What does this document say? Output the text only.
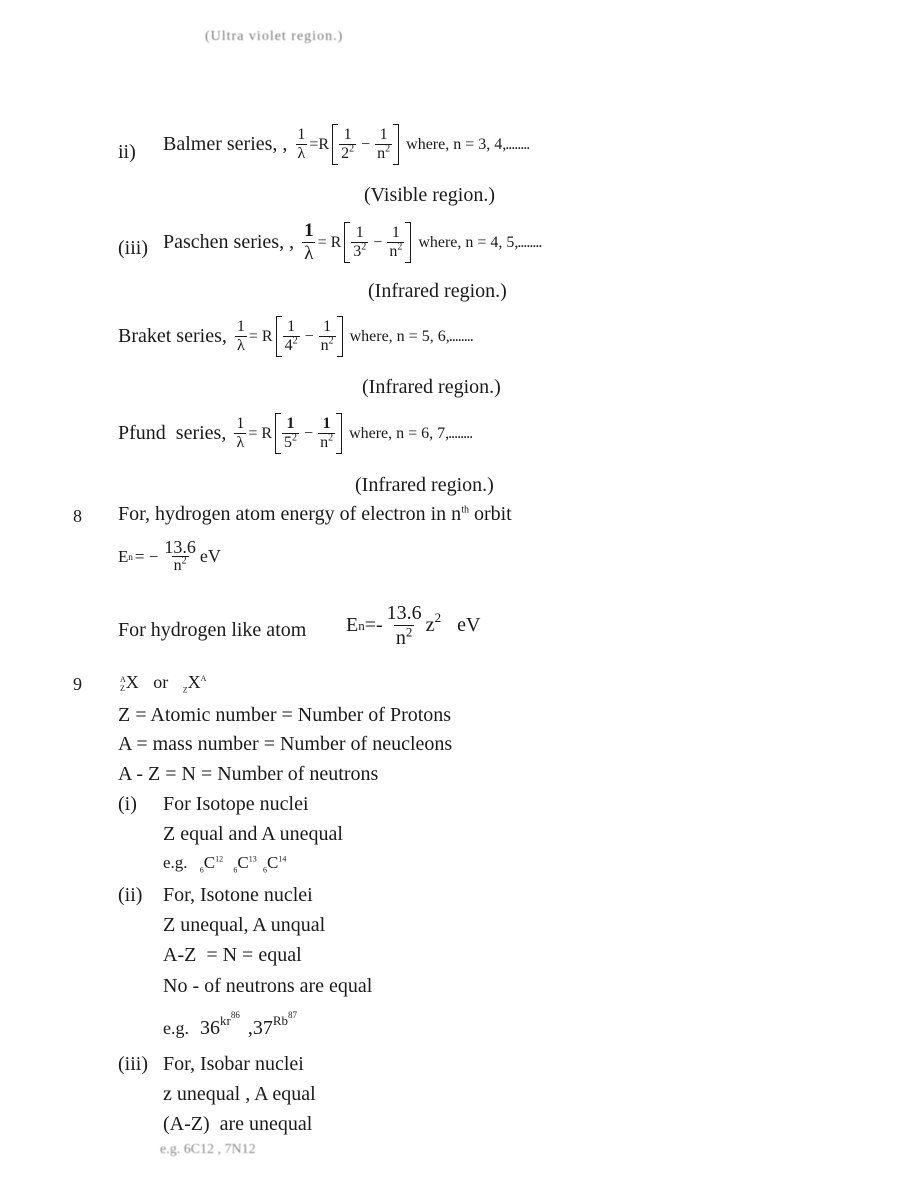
(Ultra violet region.)
ii) Balmer series, , $\frac{1}{\lambda} =R \frac{1}{2^2} - \frac{1}{n^2}$ where, n = 3, 4 ,........
(Visible region.)
(iii) Paschen series, , $\frac{1}{\lambda} = R \frac{1}{3^2} - \frac{1}{n^2}$ where, n = 4, 5 ,........
(Infrared region.)
Braket series, $\frac{1}{\lambda} = R \frac{1}{4^2} - \frac{1}{n^2}$ where, n = 5, 6 ,........
(Infrared region.)
Pfund  series, $\frac{1}{\lambda} = R \frac{1}{5^2} - \frac{1}{n^2}$ where, n = 6, 7 ,........
(Infrared region.)
8 For, hydrogen atom energy of electron in $n^{th}$ orbit
E n = − $\frac{13.6}{n^2}$ eV
For hydrogen like atom E $n =- \frac{13.6}{n^2} z^2$ eV
9	A
Z X or $_ZX^A$
Z = Atomic number = Number of Protons
A = mass number = Number of neucleons
A - Z = N = Number of neutrons
(i) For Isotope nuclei
Z equal and A unequal
e.g. $_6C^{12}$ $_6C^{13}$ $_6C^{14}$
(ii) For, Isotone nuclei
Z unequal, A unqual
A-Z  = N = equal
No - of neutrons are equal
e.g. $36^{kr86}$ $,37^{Rb87}$
(iii) For, Isobar nuclei
z unequal , A equal
(A-Z)  are unequal
e.g. 6C12 , 7N12
